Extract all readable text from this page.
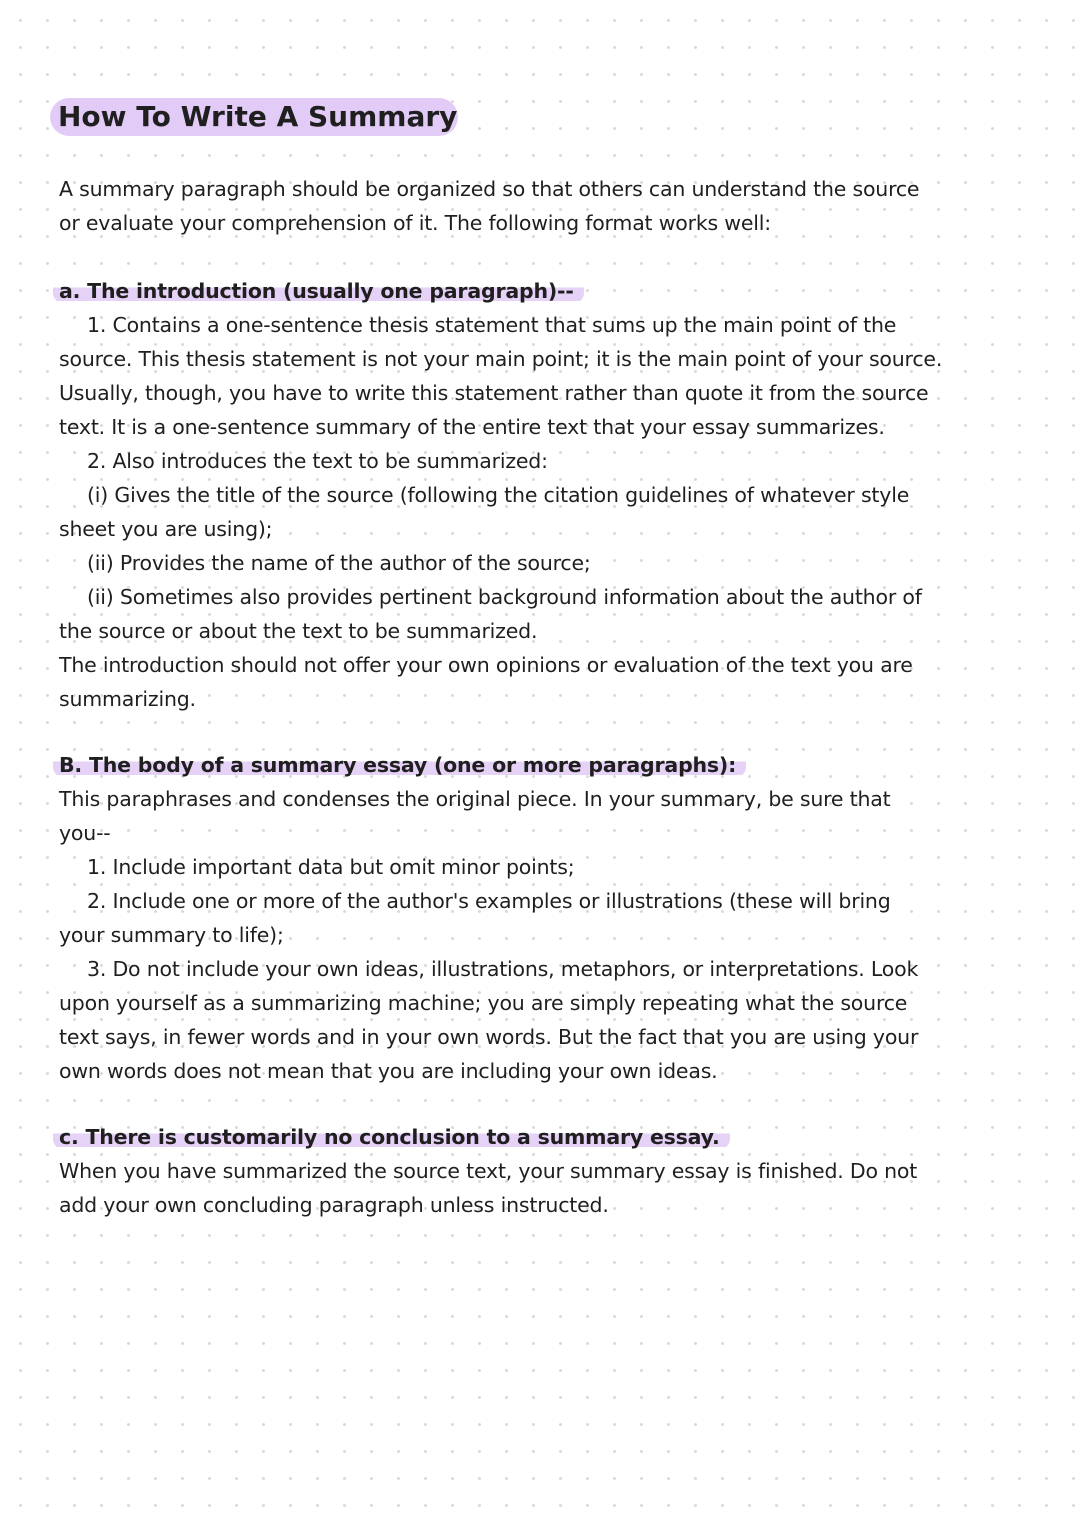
How To Write A Summary
A summary paragraph should be organized so that others can understand the source
or evaluate your comprehension of it. The following format works well:
a. The introduction (usually one paragraph)--
1. Contains a one-sentence thesis statement that sums up the main point of the
source. This thesis statement is not your main point; it is the main point of your source.
Usually, though, you have to write this statement rather than quote it from the source
text. It is a one-sentence summary of the entire text that your essay summarizes.
2. Also introduces the text to be summarized:
(i) Gives the title of the source (following the citation guidelines of whatever style
sheet you are using);
(ii) Provides the name of the author of the source;
(ii) Sometimes also provides pertinent background information about the author of
the source or about the text to be summarized.
The introduction should not offer your own opinions or evaluation of the text you are
summarizing.
B. The body of a summary essay (one or more paragraphs):
This paraphrases and condenses the original piece. In your summary, be sure that
you--
1. Include important data but omit minor points;
2. Include one or more of the author's examples or illustrations (these will bring
your summary to life);
3. Do not include your own ideas, illustrations, metaphors, or interpretations. Look
upon yourself as a summarizing machine; you are simply repeating what the source
text says, in fewer words and in your own words. But the fact that you are using your
own words does not mean that you are including your own ideas.
c. There is customarily no conclusion to a summary essay.
When you have summarized the source text, your summary essay is finished. Do not
add your own concluding paragraph unless instructed.
